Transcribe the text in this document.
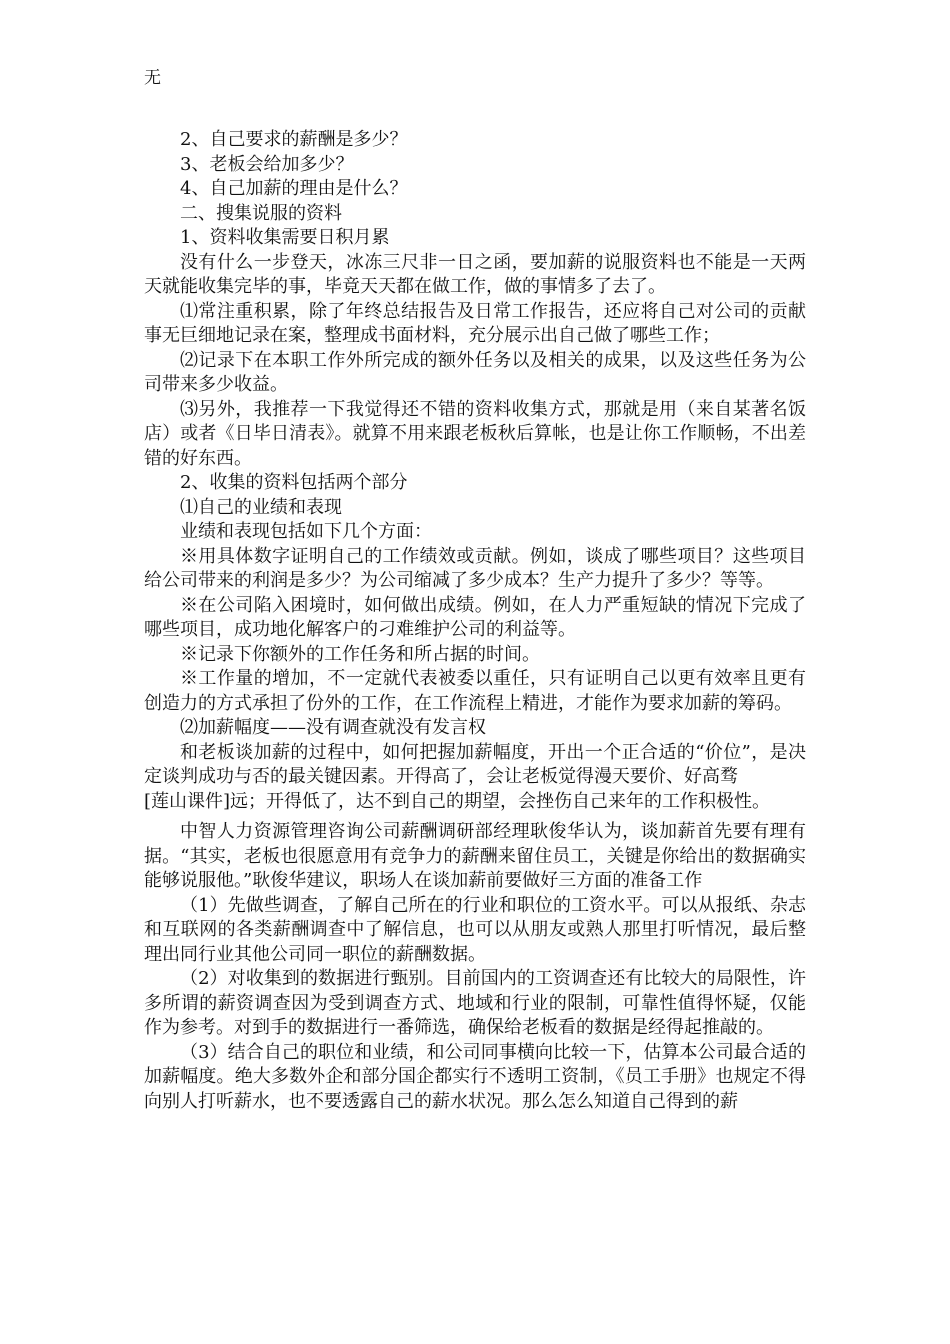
无

2、自己要求的薪酬是多少？

3、老板会给加多少？

4、自己加薪的理由是什么？

二、搜集说服的资料

1、资料收集需要日积月累

没有什么一步登天，冰冻三尺非一日之函，要加薪的说服资料也不能是一天两天就能收集完毕的事，毕竟天天都在做工作，做的事情多了去了。

⑴常注重积累，除了年终总结报告及日常工作报告，还应将自己对公司的贡献事无巨细地记录在案，整理成书面材料，充分展示出自己做了哪些工作；

⑵记录下在本职工作外所完成的额外任务以及相关的成果，以及这些任务为公司带来多少收益。

⑶另外，我推荐一下我觉得还不错的资料收集方式，那就是用（来自某著名饭店）或者《日毕日清表》。就算不用来跟老板秋后算帐，也是让你工作顺畅，不出差错的好东西。

2、收集的资料包括两个部分

⑴自己的业绩和表现

业绩和表现包括如下几个方面：

※用具体数字证明自己的工作绩效或贡献。例如，谈成了哪些项目？这些项目给公司带来的利润是多少？为公司缩减了多少成本？生产力提升了多少？等等。

※在公司陷入困境时，如何做出成绩。例如，在人力严重短缺的情况下完成了哪些项目，成功地化解客户的刁难维护公司的利益等。

※记录下你额外的工作任务和所占据的时间。

※工作量的增加，不一定就代表被委以重任，只有证明自己以更有效率且更有创造力的方式承担了份外的工作，在工作流程上精进，才能作为要求加薪的筹码。

⑵加薪幅度——没有调查就没有发言权

和老板谈加薪的过程中，如何把握加薪幅度，开出一个正合适的“价位”，是决定谈判成功与否的最关键因素。开得高了，会让老板觉得漫天要价、好高骛

[莲山课件]远；开得低了，达不到自己的期望，会挫伤自己来年的工作积极性。

中智人力资源管理咨询公司薪酬调研部经理耿俊华认为，谈加薪首先要有理有据。“其实，老板也很愿意用有竞争力的薪酬来留住员工，关键是你给出的数据确实能够说服他。”耿俊华建议，职场人在谈加薪前要做好三方面的准备工作

（1）先做些调查，了解自己所在的行业和职位的工资水平。可以从报纸、杂志和互联网的各类薪酬调查中了解信息，也可以从朋友或熟人那里打听情况，最后整理出同行业其他公司同一职位的薪酬数据。

（2）对收集到的数据进行甄别。目前国内的工资调查还有比较大的局限性，许多所谓的薪资调查因为受到调查方式、地域和行业的限制，可靠性值得怀疑，仅能作为参考。对到手的数据进行一番筛选，确保给老板看的数据是经得起推敲的。

（3）结合自己的职位和业绩，和公司同事横向比较一下，估算本公司最合适的加薪幅度。绝大多数外企和部分国企都实行不透明工资制，《员工手册》也规定不得向别人打听薪水，也不要透露自己的薪水状况。那么怎么知道自己得到的薪
